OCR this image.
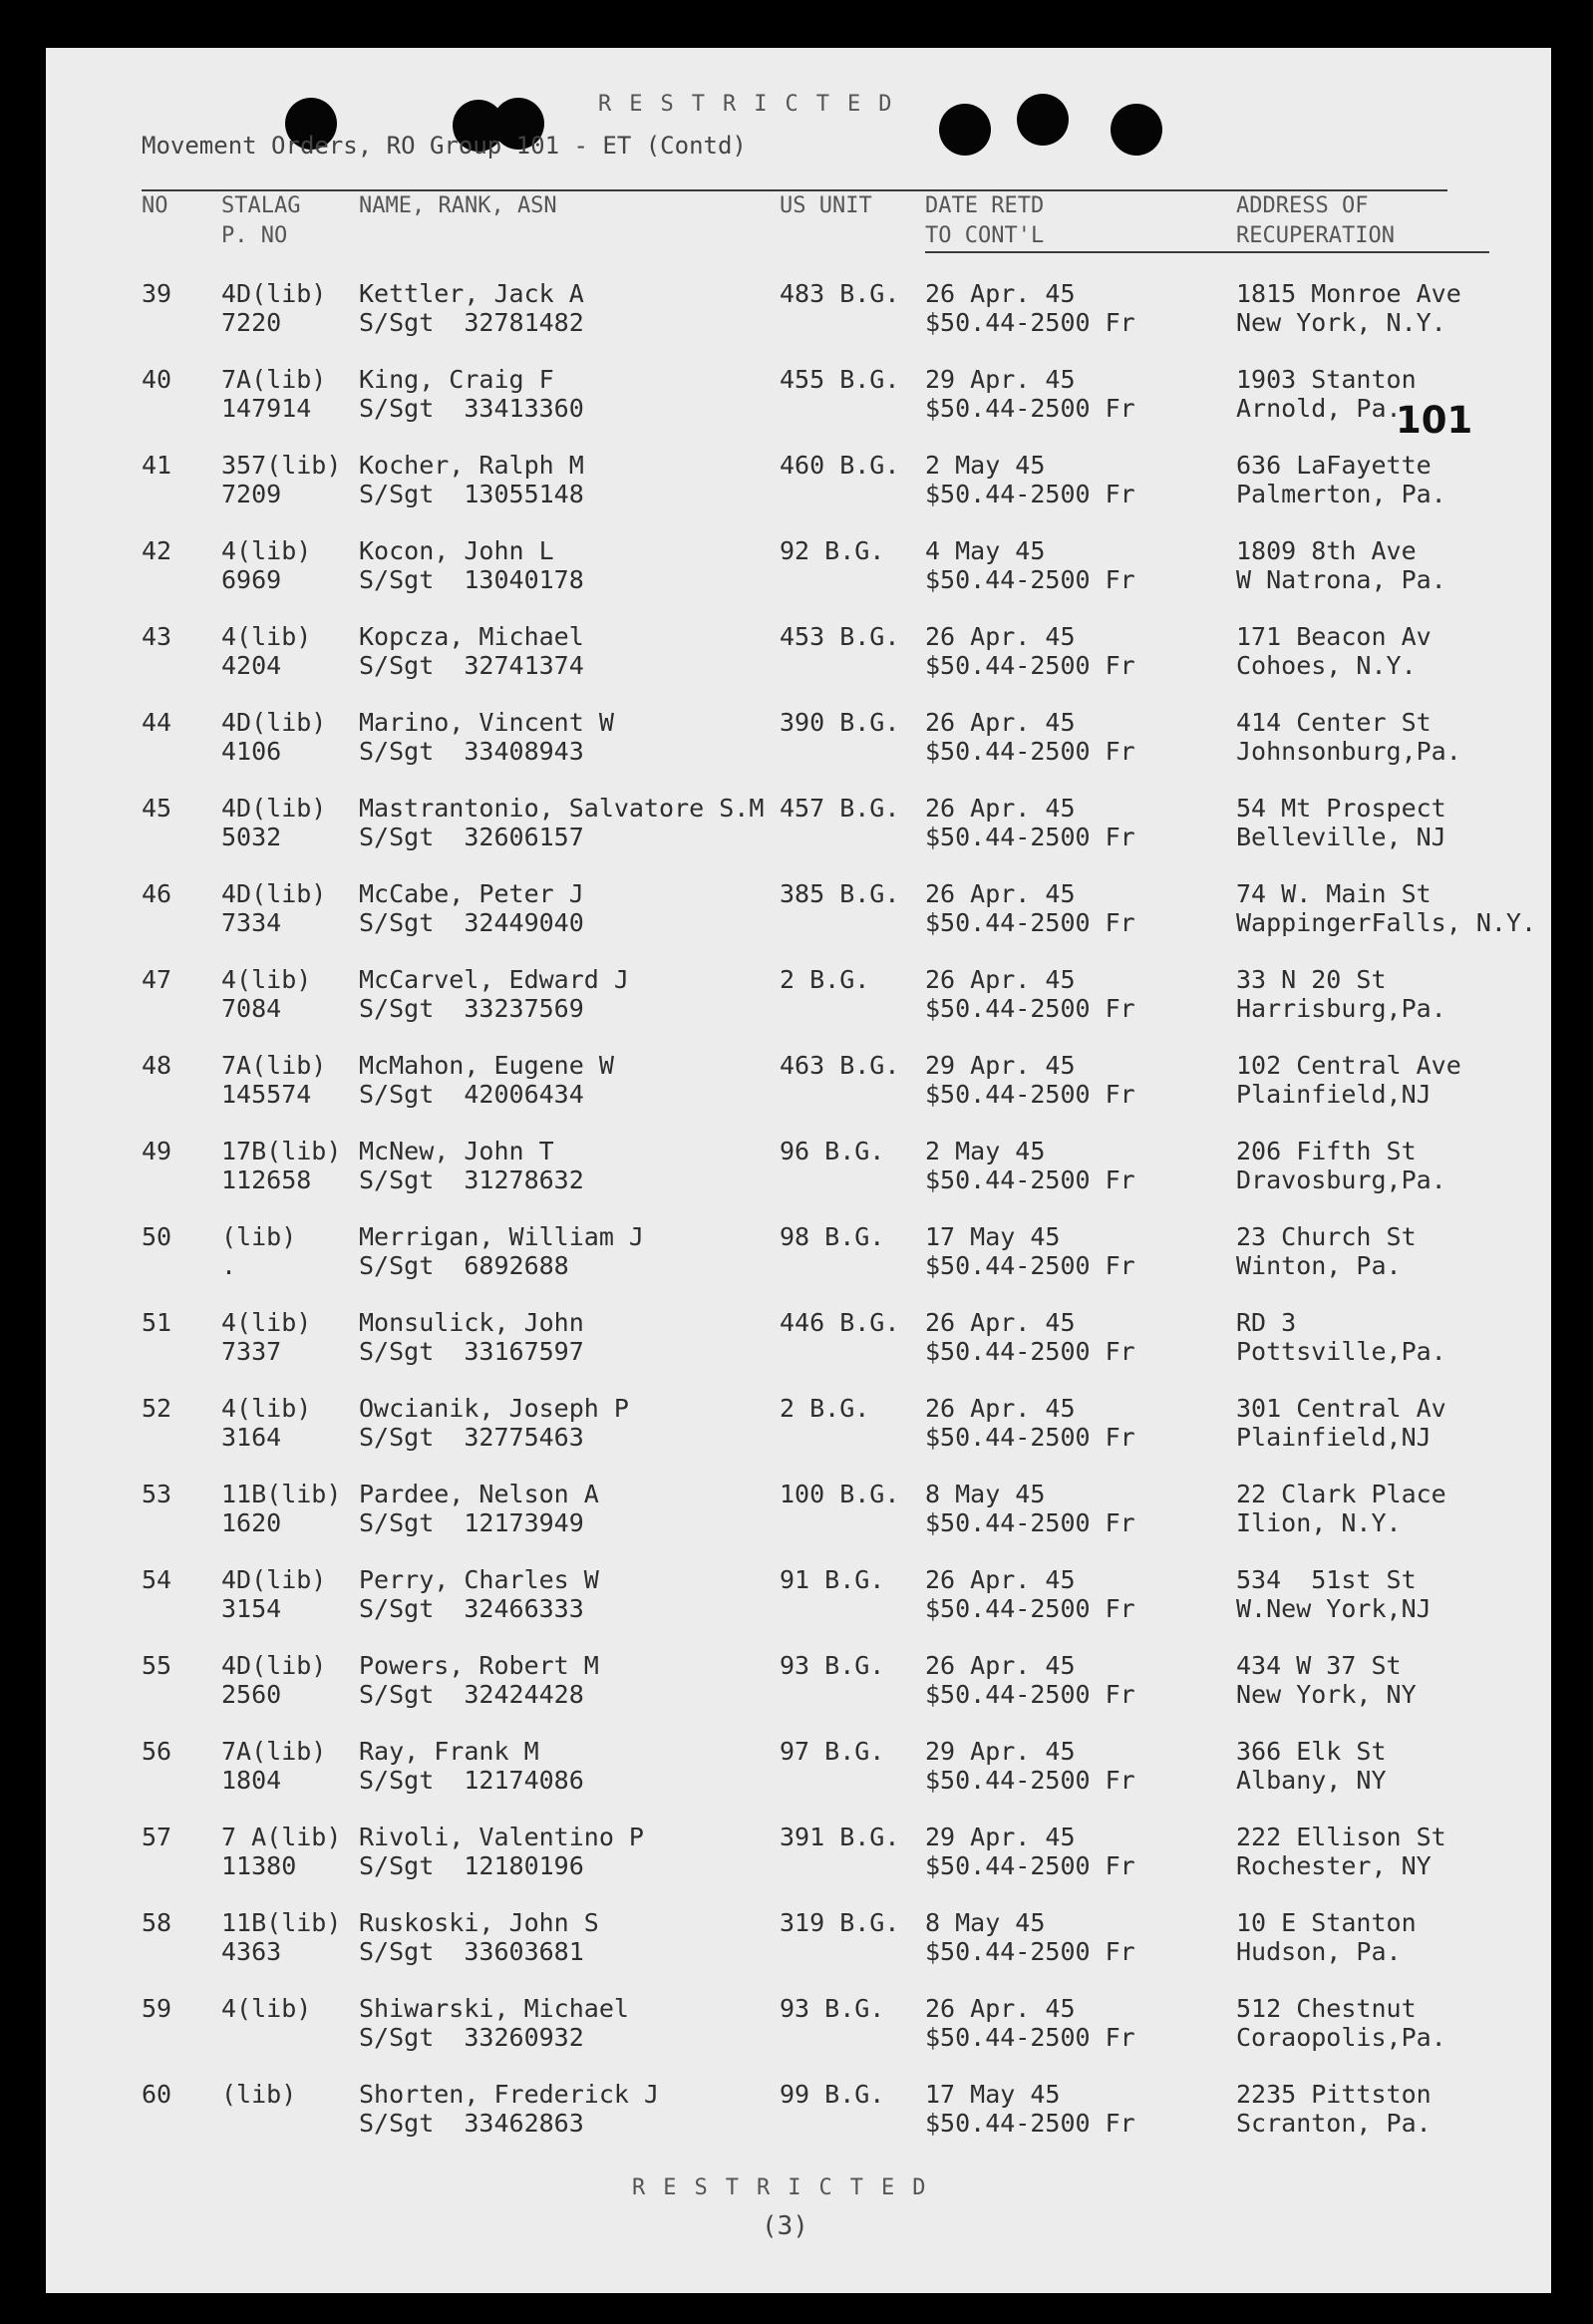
RESTRICTED
Movement Orders, RO Group 101 - ET (Contd)
101
NO STALAG
P. NO
NAME, RANK, ASN	US UNIT DATE RETD
TO CONT'L
ADDRESS OF
RECUPERATION
39 4D(lib)
7220
Kettler, Jack A
S/Sgt  32781482
483 B.G. 26 Apr. 45
$50.44-2500 Fr
1815 Monroe Ave
New York, N.Y.
40 7A(lib)
147914
King, Craig F
S/Sgt  33413360
455 B.G. 29 Apr. 45
$50.44-2500 Fr
1903 Stanton
Arnold, Pa.
41 357(lib)
7209
Kocher, Ralph M
S/Sgt  13055148
460 B.G. 2 May 45
$50.44-2500 Fr
636 LaFayette
Palmerton, Pa.
42 4(lib)
6969
Kocon, John L
S/Sgt  13040178
92 B.G. 4 May 45
$50.44-2500 Fr
1809 8th Ave
W Natrona, Pa.
43 4(lib)
4204
Kopcza, Michael
S/Sgt  32741374
453 B.G. 26 Apr. 45
$50.44-2500 Fr
171 Beacon Av
Cohoes, N.Y.
44 4D(lib)
4106
Marino, Vincent W
S/Sgt  33408943
390 B.G. 26 Apr. 45
$50.44-2500 Fr
414 Center St
Johnsonburg,Pa.
45 4D(lib)
5032
Mastrantonio, Salvatore S.M
S/Sgt  32606157
457 B.G. 26 Apr. 45
$50.44-2500 Fr
54 Mt Prospect
Belleville, NJ
46 4D(lib)
7334
McCabe, Peter J
S/Sgt  32449040
385 B.G. 26 Apr. 45
$50.44-2500 Fr
74 W. Main St
WappingerFalls, N.Y.
47 4(lib)
7084
McCarvel, Edward J
S/Sgt  33237569
2 B.G. 26 Apr. 45
$50.44-2500 Fr
33 N 20 St
Harrisburg,Pa.
48 7A(lib)
145574
McMahon, Eugene W
S/Sgt  42006434
463 B.G. 29 Apr. 45
$50.44-2500 Fr
102 Central Ave
Plainfield,NJ
49 17B(lib)
112658
McNew, John T
S/Sgt  31278632
96 B.G. 2 May 45
$50.44-2500 Fr
206 Fifth St
Dravosburg,Pa.
50 (lib)
.
Merrigan, William J
S/Sgt  6892688
98 B.G. 17 May 45
$50.44-2500 Fr
23 Church St
Winton, Pa.
51 4(lib)
7337
Monsulick, John
S/Sgt  33167597
446 B.G. 26 Apr. 45
$50.44-2500 Fr
RD 3
Pottsville,Pa.
52 4(lib)
3164
Owcianik, Joseph P
S/Sgt  32775463
2 B.G. 26 Apr. 45
$50.44-2500 Fr
301 Central Av
Plainfield,NJ
53 11B(lib)
1620
Pardee, Nelson A
S/Sgt  12173949
100 B.G. 8 May 45
$50.44-2500 Fr
22 Clark Place
Ilion, N.Y.
54 4D(lib)
3154
Perry, Charles W
S/Sgt  32466333
91 B.G. 26 Apr. 45
$50.44-2500 Fr
534  51st St
W.New York,NJ
55 4D(lib)
2560
Powers, Robert M
S/Sgt  32424428
93 B.G. 26 Apr. 45
$50.44-2500 Fr
434 W 37 St
New York, NY
56 7A(lib)
1804
Ray, Frank M
S/Sgt  12174086
97 B.G. 29 Apr. 45
$50.44-2500 Fr
366 Elk St
Albany, NY
57 7 A(lib)
11380
Rivoli, Valentino P
S/Sgt  12180196
391 B.G. 29 Apr. 45
$50.44-2500 Fr
222 Ellison St
Rochester, NY
58 11B(lib)
4363
Ruskoski, John S
S/Sgt  33603681
319 B.G. 8 May 45
$50.44-2500 Fr
10 E Stanton
Hudson, Pa.
59 4(lib) Shiwarski, Michael
S/Sgt  33260932
93 B.G. 26 Apr. 45
$50.44-2500 Fr
512 Chestnut
Coraopolis,Pa.
60 (lib)	Shorten, Frederick J
S/Sgt  33462863
99 B.G. 17 May 45
$50.44-2500 Fr
2235 Pittston
Scranton, Pa.
RESTRICTED
(3)
